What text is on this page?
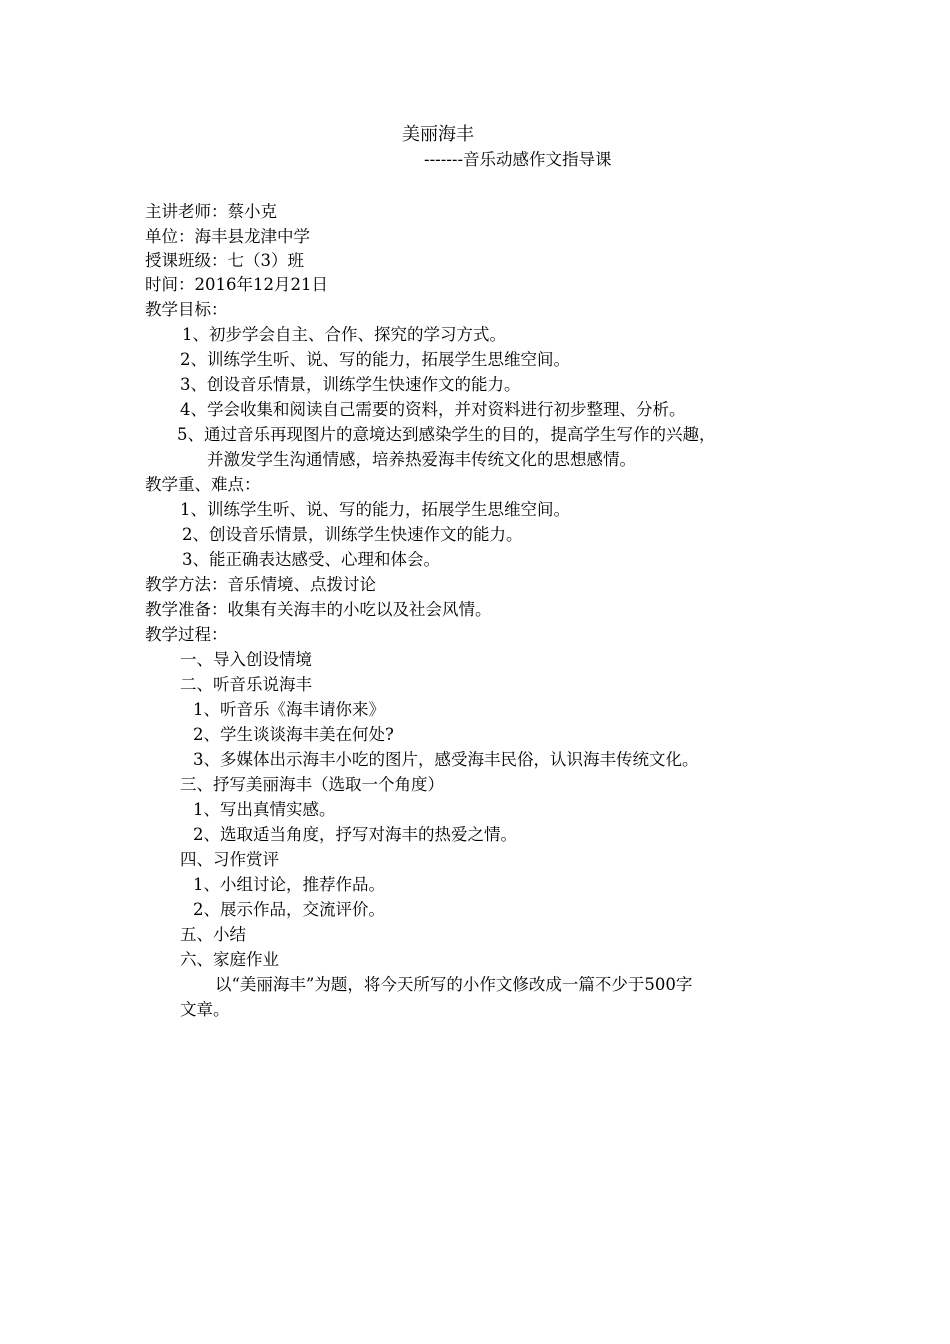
美丽海丰
-------音乐动感作文指导课
主讲老师：蔡小克
单位：海丰县龙津中学
授课班级：七（3）班
时间：2016年12月21日
教学目标：
1、初步学会自主、合作、探究的学习方式。
2、训练学生听、说、写的能力，拓展学生思维空间。
3、创设音乐情景，训练学生快速作文的能力。
4、学会收集和阅读自己需要的资料，并对资料进行初步整理、分析。
5、通过音乐再现图片的意境达到感染学生的目的，提高学生写作的兴趣，
并激发学生沟通情感，培养热爱海丰传统文化的思想感情。
教学重、难点：
1、训练学生听、说、写的能力，拓展学生思维空间。
2、创设音乐情景，训练学生快速作文的能力。
3、能正确表达感受、心理和体会。
教学方法：音乐情境、点拨讨论
教学准备：收集有关海丰的小吃以及社会风情。
教学过程：
一、导入创设情境
二、听音乐说海丰
1、听音乐《海丰请你来》
2、学生谈谈海丰美在何处?
3、多媒体出示海丰小吃的图片，感受海丰民俗，认识海丰传统文化。
三、抒写美丽海丰（选取一个角度）
1、写出真情实感。
2、选取适当角度，抒写对海丰的热爱之情。
四、习作赏评
1、小组讨论，推荐作品。
2、展示作品，交流评价。
五、小结
六、家庭作业
以“美丽海丰”为题，将今天所写的小作文修改成一篇不少于500字
文章。
